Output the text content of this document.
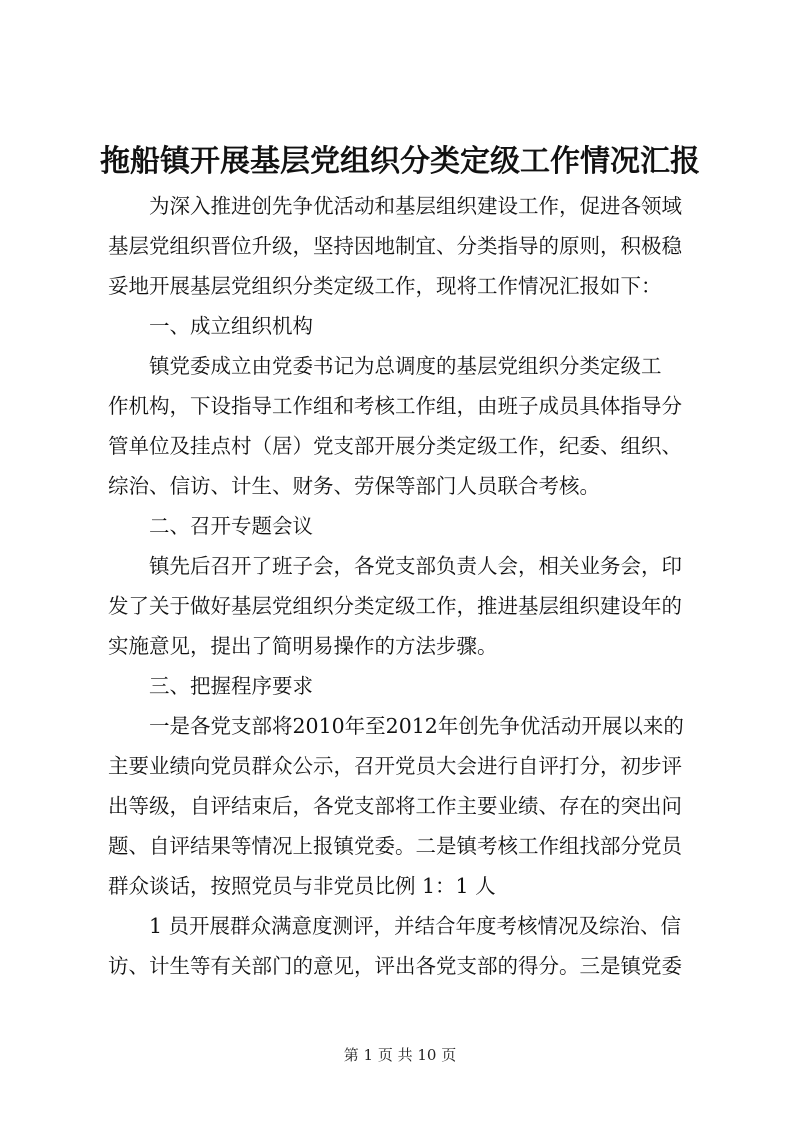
拖船镇开展基层党组织分类定级工作情况汇报
为深入推进创先争优活动和基层组织建设工作，促进各领域
基层党组织晋位升级，坚持因地制宜、分类指导的原则，积极稳
妥地开展基层党组织分类定级工作，现将工作情况汇报如下：
一、成立组织机构
镇党委成立由党委书记为总调度的基层党组织分类定级工
作机构，下设指导工作组和考核工作组，由班子成员具体指导分
管单位及挂点村（居）党支部开展分类定级工作，纪委、组织、
综治、信访、计生、财务、劳保等部门人员联合考核。
二、召开专题会议
镇先后召开了班子会，各党支部负责人会，相关业务会，印
发了关于做好基层党组织分类定级工作，推进基层组织建设年的
实施意见，提出了简明易操作的方法步骤。
三、把握程序要求
一是各党支部将2010年至2012年创先争优活动开展以来的
主要业绩向党员群众公示，召开党员大会进行自评打分，初步评
出等级，自评结束后，各党支部将工作主要业绩、存在的突出问
题、自评结果等情况上报镇党委。二是镇考核工作组找部分党员
群众谈话，按照党员与非党员比例 1：1 人
1 员开展群众满意度测评，并结合年度考核情况及综治、信
访、计生等有关部门的意见，评出各党支部的得分。三是镇党委
第 1 页 共 10 页
